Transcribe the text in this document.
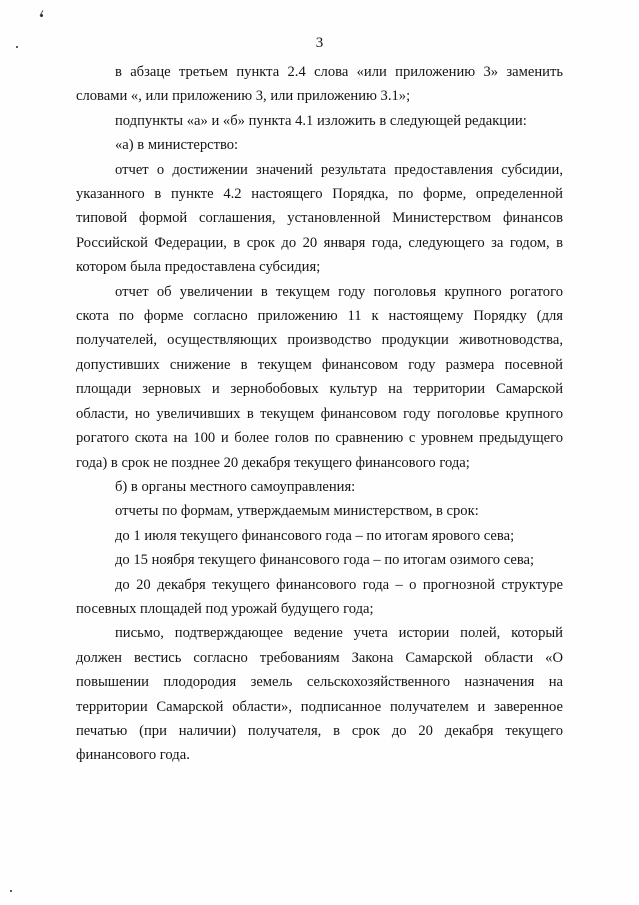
3

в абзаце третьем пункта 2.4 слова «или приложению 3» заменить словами «, или приложению 3, или приложению 3.1»;

подпункты «а» и «б» пункта 4.1 изложить в следующей редакции:

«а) в министерство:

отчет о достижении значений результата предоставления субсидии, указанного в пункте 4.2 настоящего Порядка, по форме, определенной типовой формой соглашения, установленной Министерством финансов Российской Федерации, в срок до 20 января года, следующего за годом, в котором была предоставлена субсидия;

отчет об увеличении в текущем году поголовья крупного рогатого скота по форме согласно приложению 11 к настоящему Порядку (для получателей, осуществляющих производство продукции животноводства, допустивших снижение в текущем финансовом году размера посевной площади зерновых и зернобобовых культур на территории Самарской области, но увеличивших в текущем финансовом году поголовье крупного рогатого скота на 100 и более голов по сравнению с уровнем предыдущего года) в срок не позднее 20 декабря текущего финансового года;

б) в органы местного самоуправления:

отчеты по формам, утверждаемым министерством, в срок:

до 1 июля текущего финансового года – по итогам ярового сева;

до 15 ноября текущего финансового года – по итогам озимого сева;

до 20 декабря текущего финансового года – о прогнозной структуре посевных площадей под урожай будущего года;

письмо, подтверждающее ведение учета истории полей, который должен вестись согласно требованиям Закона Самарской области «О повышении плодородия земель сельскохозяйственного назначения на территории Самарской области», подписанное получателем и заверенное печатью (при наличии) получателя, в срок до 20 декабря текущего финансового года.
